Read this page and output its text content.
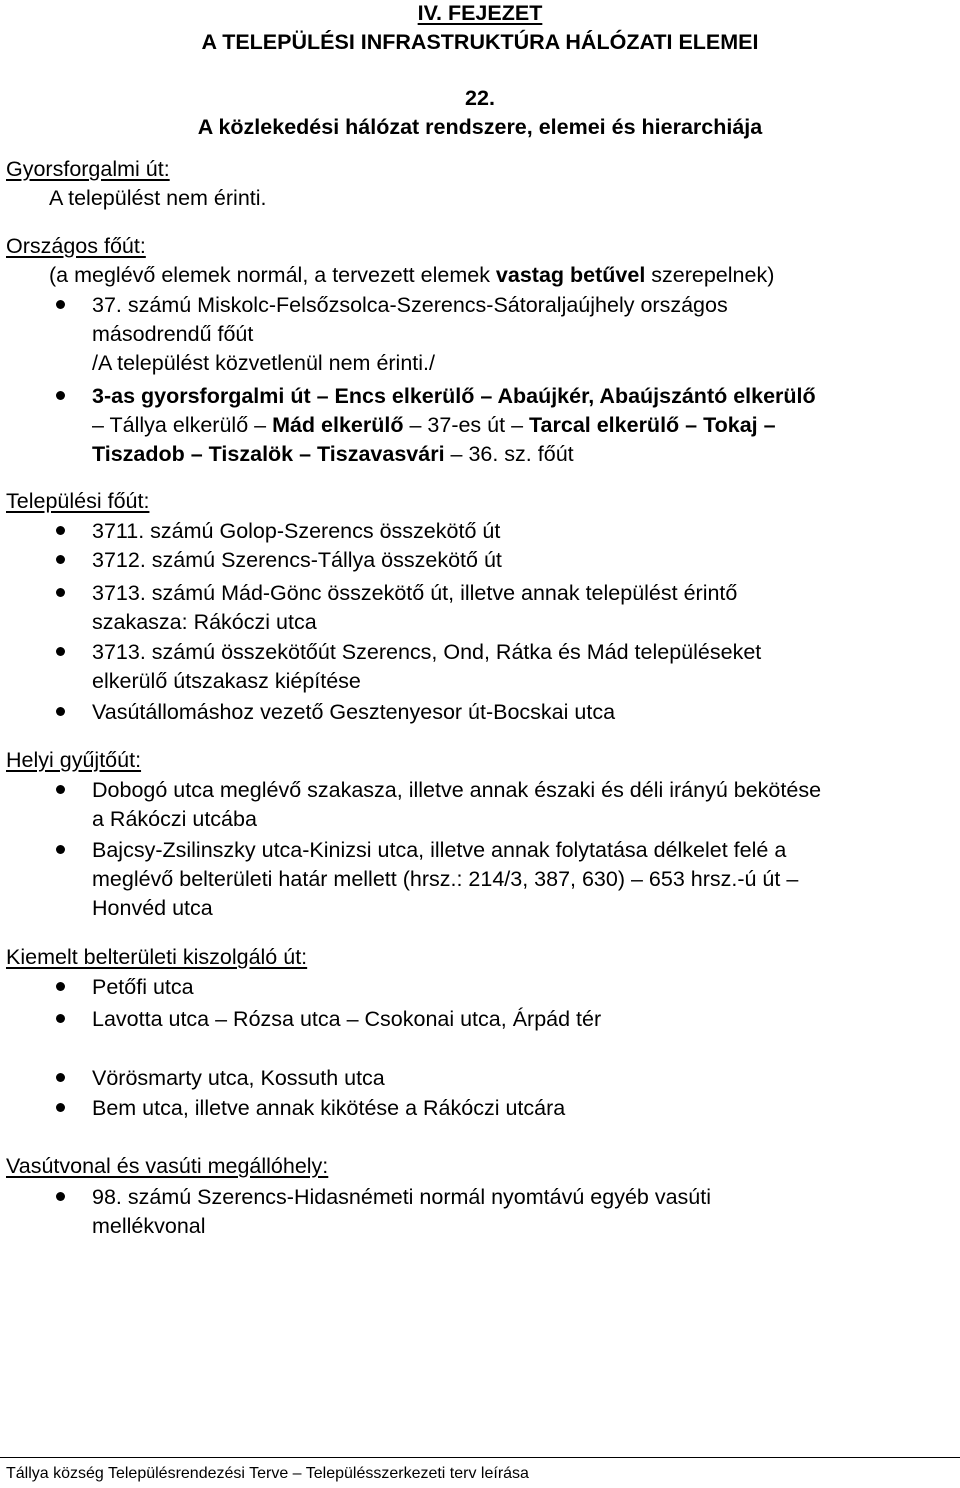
IV. FEJEZET
A TELEPÜLÉSI INFRASTRUKTÚRA HÁLÓZATI ELEMEI
22.
A közlekedési hálózat rendszere, elemei és hierarchiája
Gyorsforgalmi út:
A települést nem érinti.
Országos főút:
(a meglévő elemek normál, a tervezett elemek vastag betűvel szerepelnek)
37. számú Miskolc-Felsőzsolca-Szerencs-Sátoraljaújhely országos
másodrendű főút
/A települést közvetlenül nem érinti./
3-as gyorsforgalmi út – Encs elkerülő – Abaújkér, Abaújszántó elkerülő
– Tállya elkerülő – Mád elkerülő – 37-es út – Tarcal elkerülő – Tokaj –
Tiszadob – Tiszalök – Tiszavasvári – 36. sz. főút
Települési főút:
3711. számú Golop-Szerencs összekötő út
3712. számú Szerencs-Tállya összekötő út
3713. számú Mád-Gönc összekötő út, illetve annak települést érintő
szakasza: Rákóczi utca
3713. számú összekötőút Szerencs, Ond, Rátka és Mád településeket
elkerülő útszakasz kiépítése
Vasútállomáshoz vezető Gesztenyesor út-Bocskai utca
Helyi gyűjtőút:
Dobogó utca meglévő szakasza, illetve annak északi és déli irányú bekötése
a Rákóczi utcába
Bajcsy-Zsilinszky utca-Kinizsi utca, illetve annak folytatása délkelet felé a
meglévő belterületi határ mellett (hrsz.: 214/3, 387, 630) – 653 hrsz.-ú út –
Honvéd utca
Kiemelt belterületi kiszolgáló út:
Petőfi utca
Lavotta utca – Rózsa utca – Csokonai utca, Árpád tér
Vörösmarty utca, Kossuth utca
Bem utca, illetve annak kikötése a Rákóczi utcára
Vasútvonal és vasúti megállóhely:
98. számú Szerencs-Hidasnémeti normál nyomtávú egyéb vasúti
mellékvonal
Tállya község Településrendezési Terve – Településszerkezeti terv leírása
